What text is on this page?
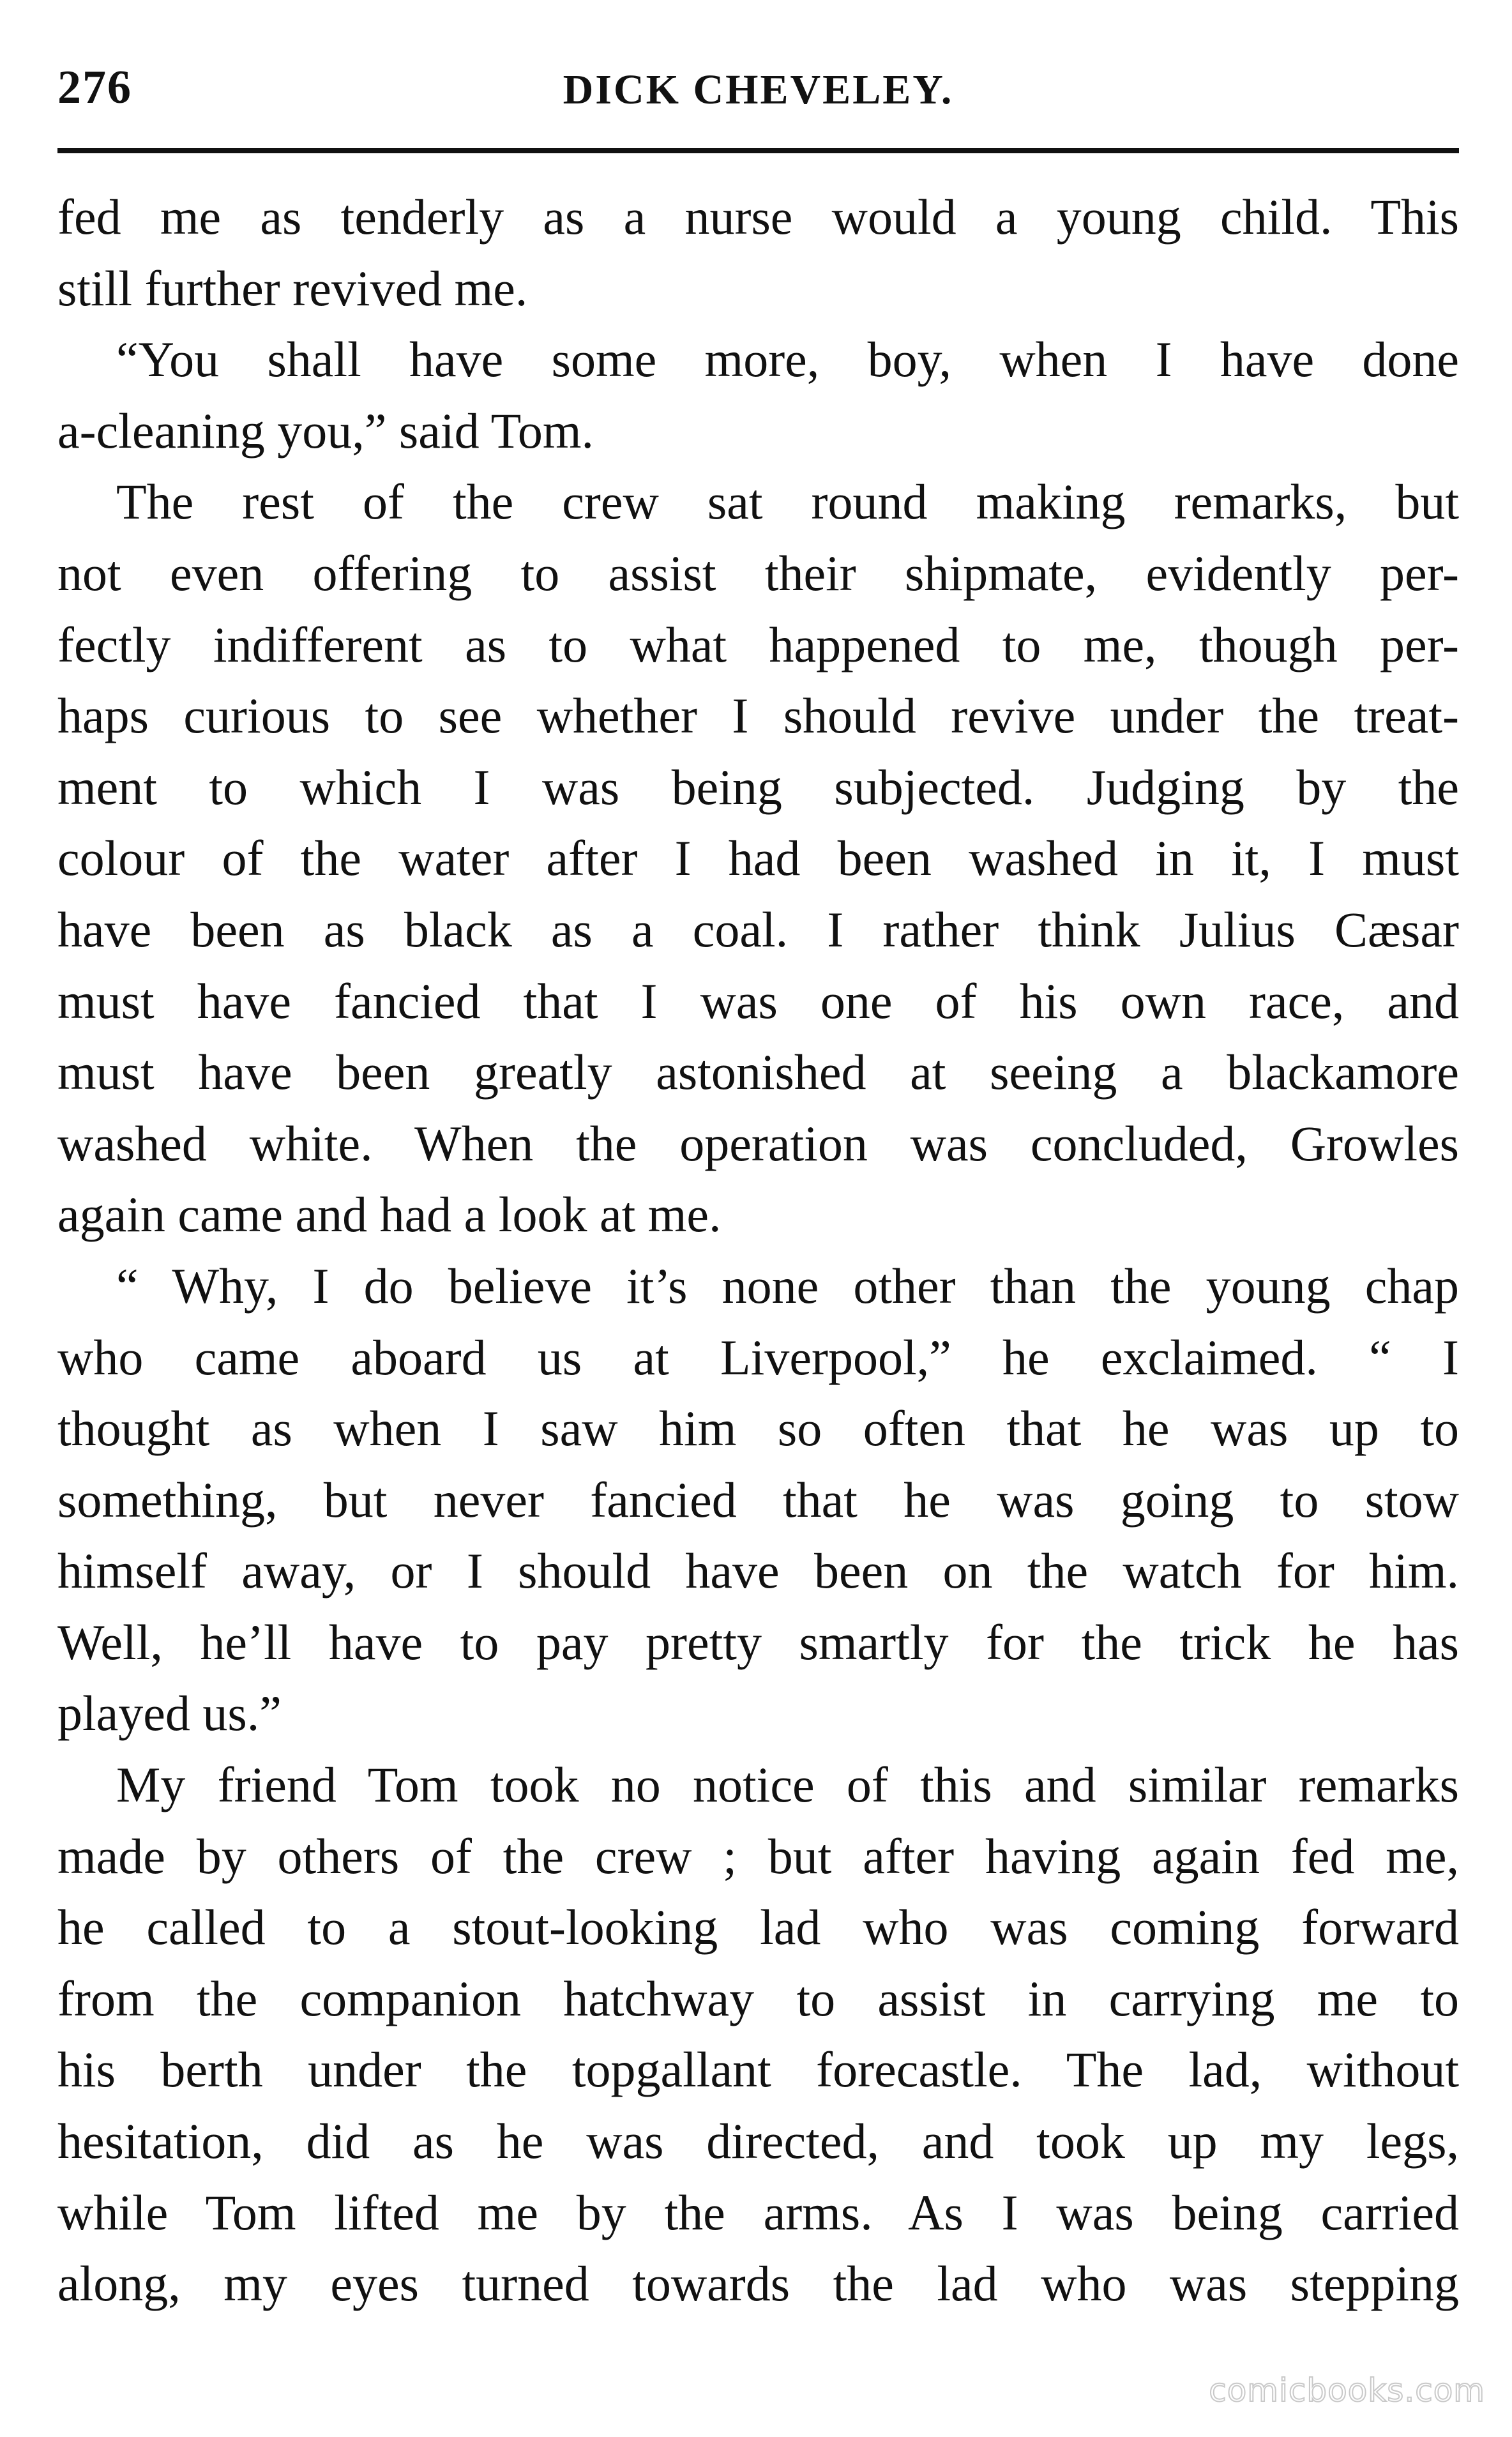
276	DICK CHEVELEY.
fed me as tenderly as a nurse would a young child. This
still further revived me.
“You shall have some more, boy, when I have done
a-cleaning you,” said Tom.
The rest of the crew sat round making remarks, but
not even offering to assist their shipmate, evidently per-
fectly indifferent as to what happened to me, though per-
haps curious to see whether I should revive under the treat-
ment to which I was being subjected. Judging by the
colour of the water after I had been washed in it, I must
have been as black as a coal. I rather think Julius Cæsar
must have fancied that I was one of his own race, and
must have been greatly astonished at seeing a blackamore
washed white. When the operation was concluded, Growles
again came and had a look at me.
“ Why, I do believe it’s none other than the young chap
who came aboard us at Liverpool,” he exclaimed. “ I
thought as when I saw him so often that he was up to
something, but never fancied that he was going to stow
himself away, or I should have been on the watch for him.
Well, he’ll have to pay pretty smartly for the trick he has
played us.”
My friend Tom took no notice of this and similar remarks
made by others of the crew ; but after having again fed me,
he called to a stout-looking lad who was coming forward
from the companion hatchway to assist in carrying me to
his berth under the topgallant forecastle. The lad, without
hesitation, did as he was directed, and took up my legs,
while Tom lifted me by the arms. As I was being carried
along, my eyes turned towards the lad who was stepping
comicbooks.com
